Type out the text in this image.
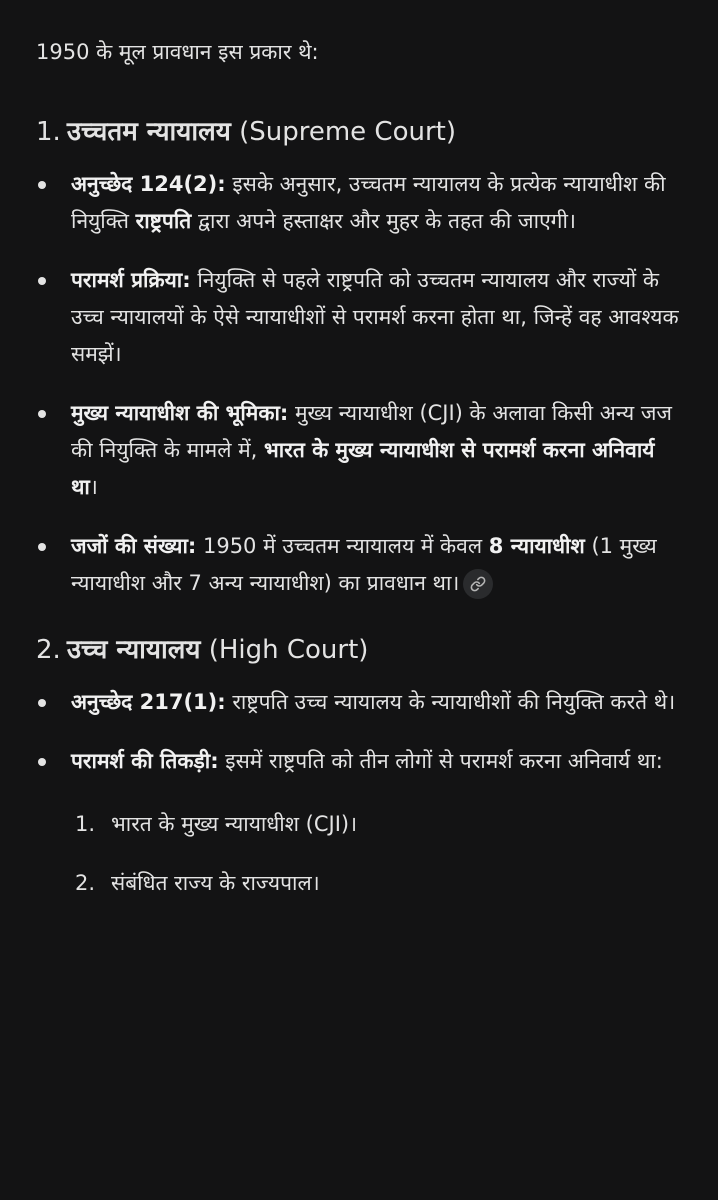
1950 के मूल प्रावधान इस प्रकार थे:

1. उच्चतम न्यायालय (Supreme Court)
अनुच्छेद 124(2): इसके अनुसार, उच्चतम न्यायालय के प्रत्येक न्यायाधीश की नियुक्ति राष्ट्रपति द्वारा अपने हस्ताक्षर और मुहर के तहत की जाएगी।
परामर्श प्रक्रिया: नियुक्ति से पहले राष्ट्रपति को उच्चतम न्यायालय और राज्यों के उच्च न्यायालयों के ऐसे न्यायाधीशों से परामर्श करना होता था, जिन्हें वह आवश्यक समझें।
मुख्य न्यायाधीश की भूमिका: मुख्य न्यायाधीश (CJI) के अलावा किसी अन्य जज की नियुक्ति के मामले में, भारत के मुख्य न्यायाधीश से परामर्श करना अनिवार्य था।
जजों की संख्या: 1950 में उच्चतम न्यायालय में केवल 8 न्यायाधीश (1 मुख्य न्यायाधीश और 7 अन्य न्यायाधीश) का प्रावधान था।
2. उच्च न्यायालय (High Court)
अनुच्छेद 217(1): राष्ट्रपति उच्च न्यायालय के न्यायाधीशों की नियुक्ति करते थे।
परामर्श की तिकड़ी: इसमें राष्ट्रपति को तीन लोगों से परामर्श करना अनिवार्य था:
1. भारत के मुख्य न्यायाधीश (CJI)।
2. संबंधित राज्य के राज्यपाल।
